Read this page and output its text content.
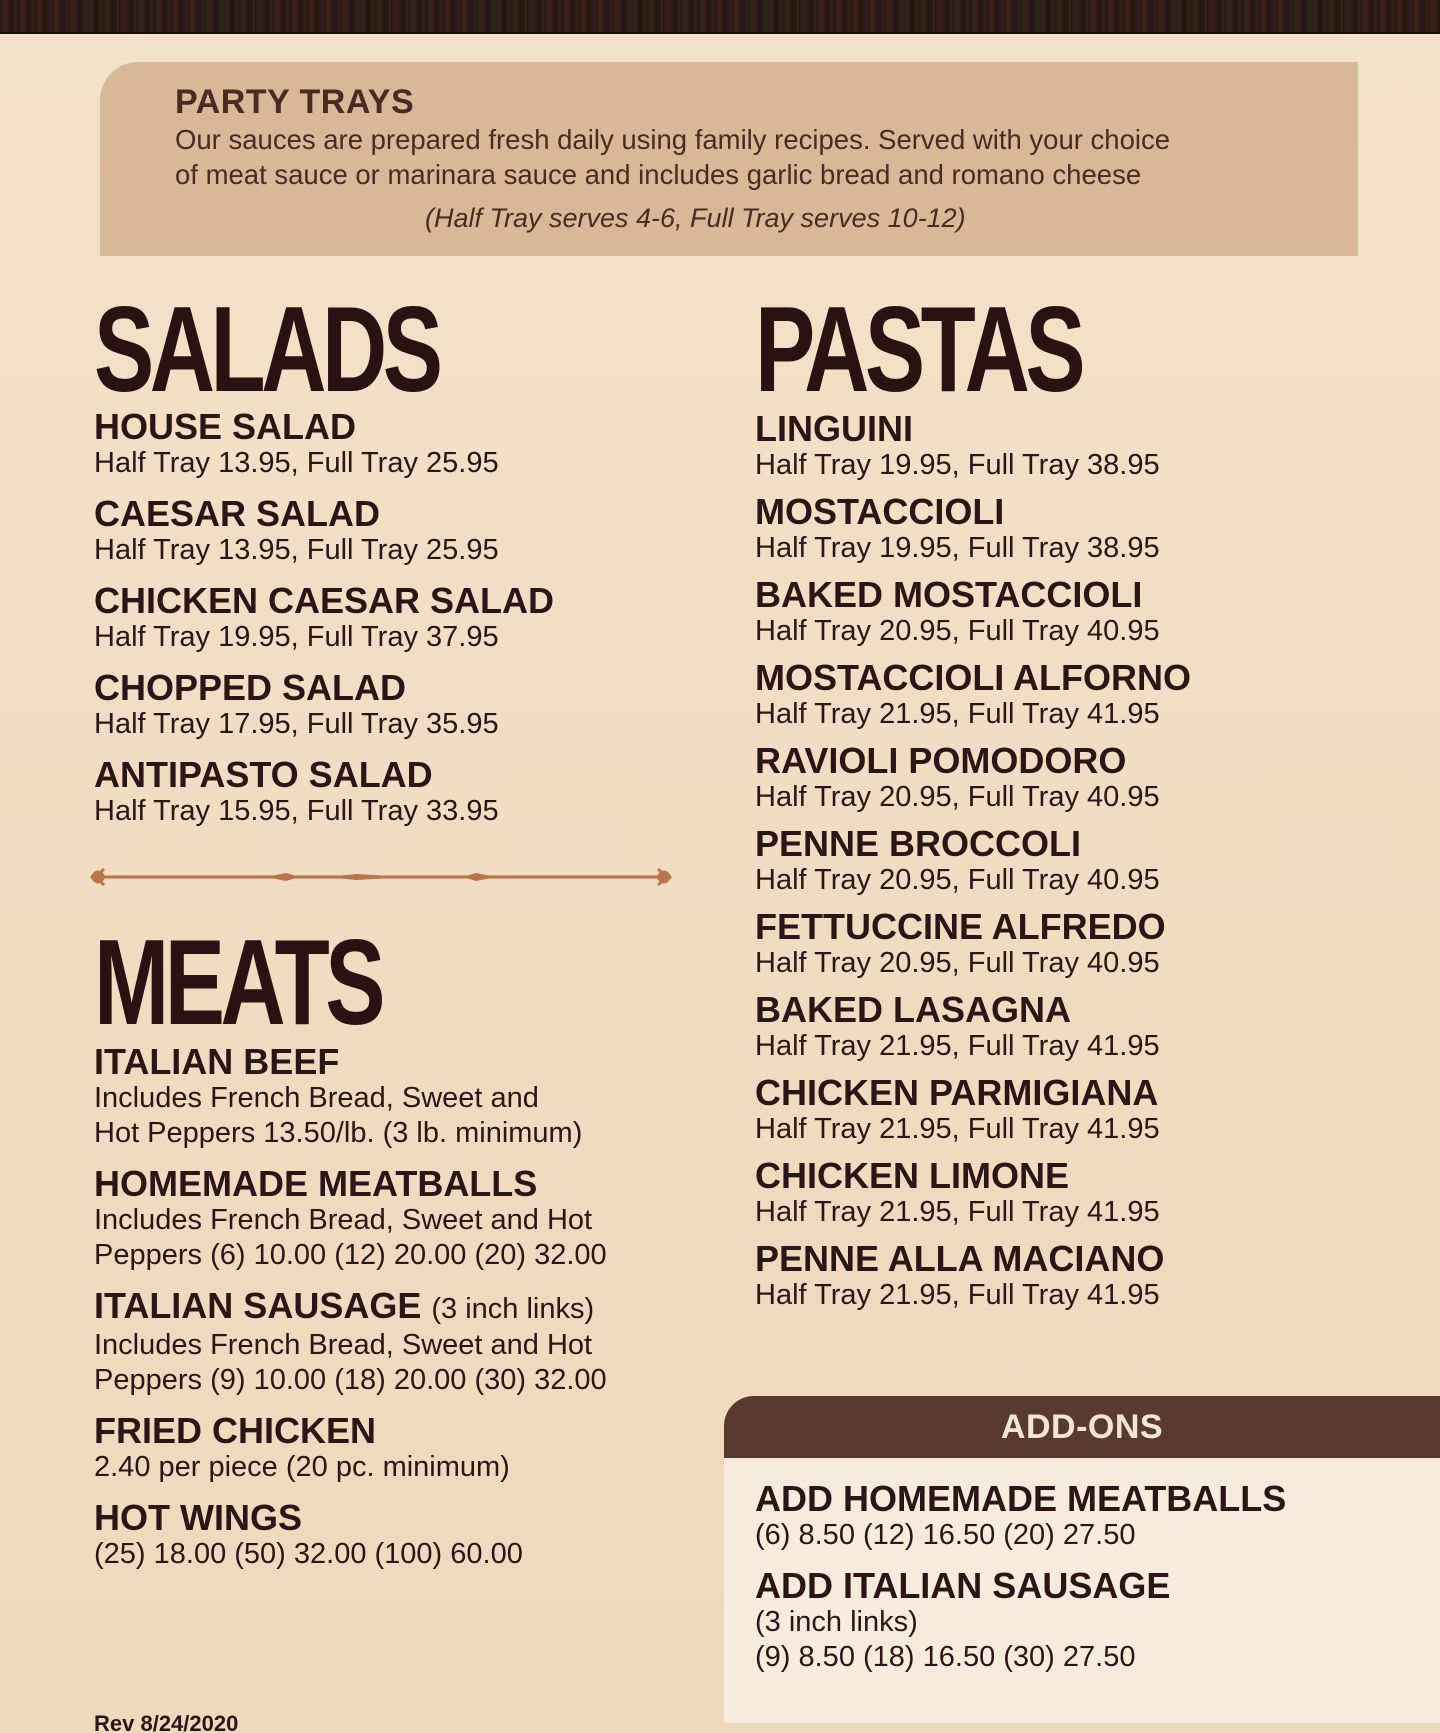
PARTY TRAYS
Our sauces are prepared fresh daily using family recipes. Served with your choice
of meat sauce or marinara sauce and includes garlic bread and romano cheese
(Half Tray serves 4-6, Full Tray serves 10-12)
SALADS
HOUSE SALAD
Half Tray 13.95, Full Tray 25.95
CAESAR SALAD
Half Tray 13.95, Full Tray 25.95
CHICKEN CAESAR SALAD
Half Tray 19.95, Full Tray 37.95
CHOPPED SALAD
Half Tray 17.95, Full Tray 35.95
ANTIPASTO SALAD
Half Tray 15.95, Full Tray 33.95
MEATS
ITALIAN BEEF
Includes French Bread, Sweet and
Hot Peppers 13.50/lb. (3 lb. minimum)
HOMEMADE MEATBALLS
Includes French Bread, Sweet and Hot
Peppers (6) 10.00 (12) 20.00 (20) 32.00
ITALIAN SAUSAGE (3 inch links)
Includes French Bread, Sweet and Hot
Peppers (9) 10.00 (18) 20.00 (30) 32.00
FRIED CHICKEN
2.40 per piece (20 pc. minimum)
HOT WINGS
(25) 18.00 (50) 32.00 (100) 60.00
PASTAS
LINGUINI
Half Tray 19.95, Full Tray 38.95
MOSTACCIOLI
Half Tray 19.95, Full Tray 38.95
BAKED MOSTACCIOLI
Half Tray 20.95, Full Tray 40.95
MOSTACCIOLI ALFORNO
Half Tray 21.95, Full Tray 41.95
RAVIOLI POMODORO
Half Tray 20.95, Full Tray 40.95
PENNE BROCCOLI
Half Tray 20.95, Full Tray 40.95
FETTUCCINE ALFREDO
Half Tray 20.95, Full Tray 40.95
BAKED LASAGNA
Half Tray 21.95, Full Tray 41.95
CHICKEN PARMIGIANA
Half Tray 21.95, Full Tray 41.95
CHICKEN LIMONE
Half Tray 21.95, Full Tray 41.95
PENNE ALLA MACIANO
Half Tray 21.95, Full Tray 41.95
ADD-ONS
ADD HOMEMADE MEATBALLS
(6) 8.50 (12) 16.50 (20) 27.50
ADD ITALIAN SAUSAGE
(3 inch links)
(9) 8.50 (18) 16.50 (30) 27.50
Rev 8/24/2020
